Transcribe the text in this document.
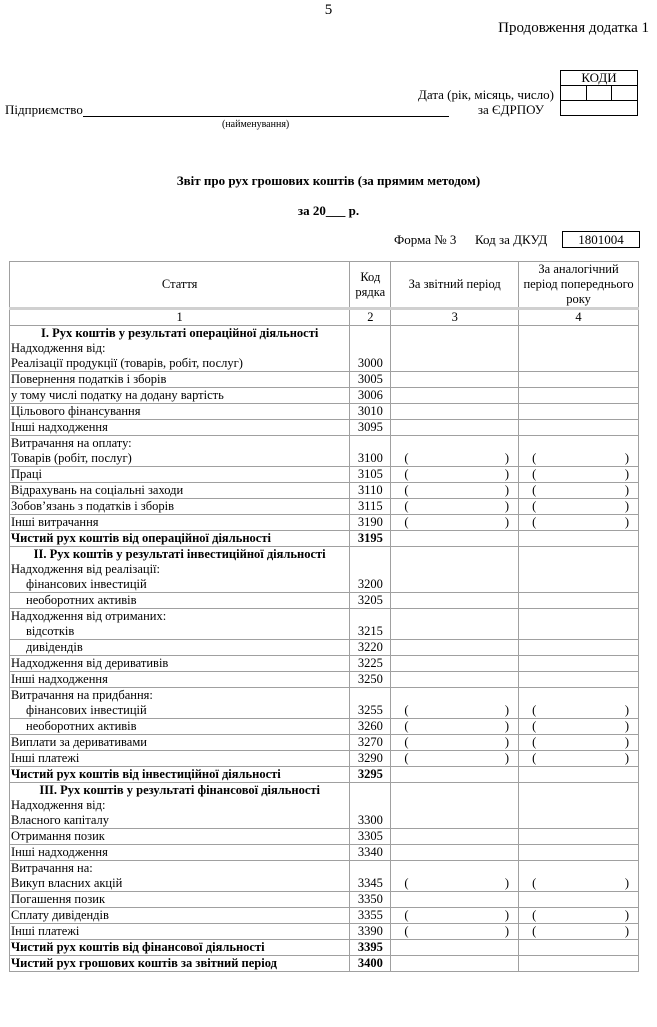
5
Продовження додатка 1
КОДИ

Дата (рік, місяць, число)
за ЄДРПОУ
Підприємство
(найменування)
Звіт про рух грошових коштів (за прямим методом)
за 20___ р.
Форма № 3 Код за ДКУД	1801004
Стаття	Код рядка	За звітний період	За аналогічний період попереднього року
1	2	3	4

I. Рух коштів у результаті операційної діяльності
Надходження від:
Реалізації продукції (товарів, робіт, послуг)	3000		

Повернення податків і зборів	3005		

у тому числі податку на додану вартість	3006		

Цільового фінансування	3010		

Інші надходження	3095		

Витрачання на оплату:
Товарів (робіт, послуг)	3100	(	)	(	)

Праці	3105	( )	( )

Відрахувань на соціальні заходи	3110	( )	( )

Зобов’язань з податків і зборів	3115	( )	( )

Інші витрачання	3190	( )	( )

Чистий рух коштів від операційної діяльності	3195		

II. Рух коштів у результаті інвестиційної діяльності
Надходження від реалізації:
фінансових інвестицій	3200		

необоротних активів	3205		

Надходження від отриманих:
відсотків	3215		

дивідендів	3220		

Надходження від деривативів	3225		

Інші надходження	3250		

Витрачання на придбання:
фінансових інвестицій	3255	(	)	(	)

необоротних активів	3260	( )	( )

Виплати за деривативами	3270	( )	( )

Інші платежі	3290	( )	( )

Чистий рух коштів від інвестиційної діяльності	3295		

III. Рух коштів у результаті фінансової діяльності
Надходження від:
Власного капіталу	3300		

Отримання позик	3305		

Інші надходження	3340		

Витрачання на:
Викуп власних акцій	3345	(	)	(	)

Погашення позик	3350		

Сплату дивідендів	3355	( )	( )

Інші платежі	3390	( )	( )

Чистий рух коштів від фінансової діяльності	3395		
Чистий рух грошових коштів за звітний період	3400		
